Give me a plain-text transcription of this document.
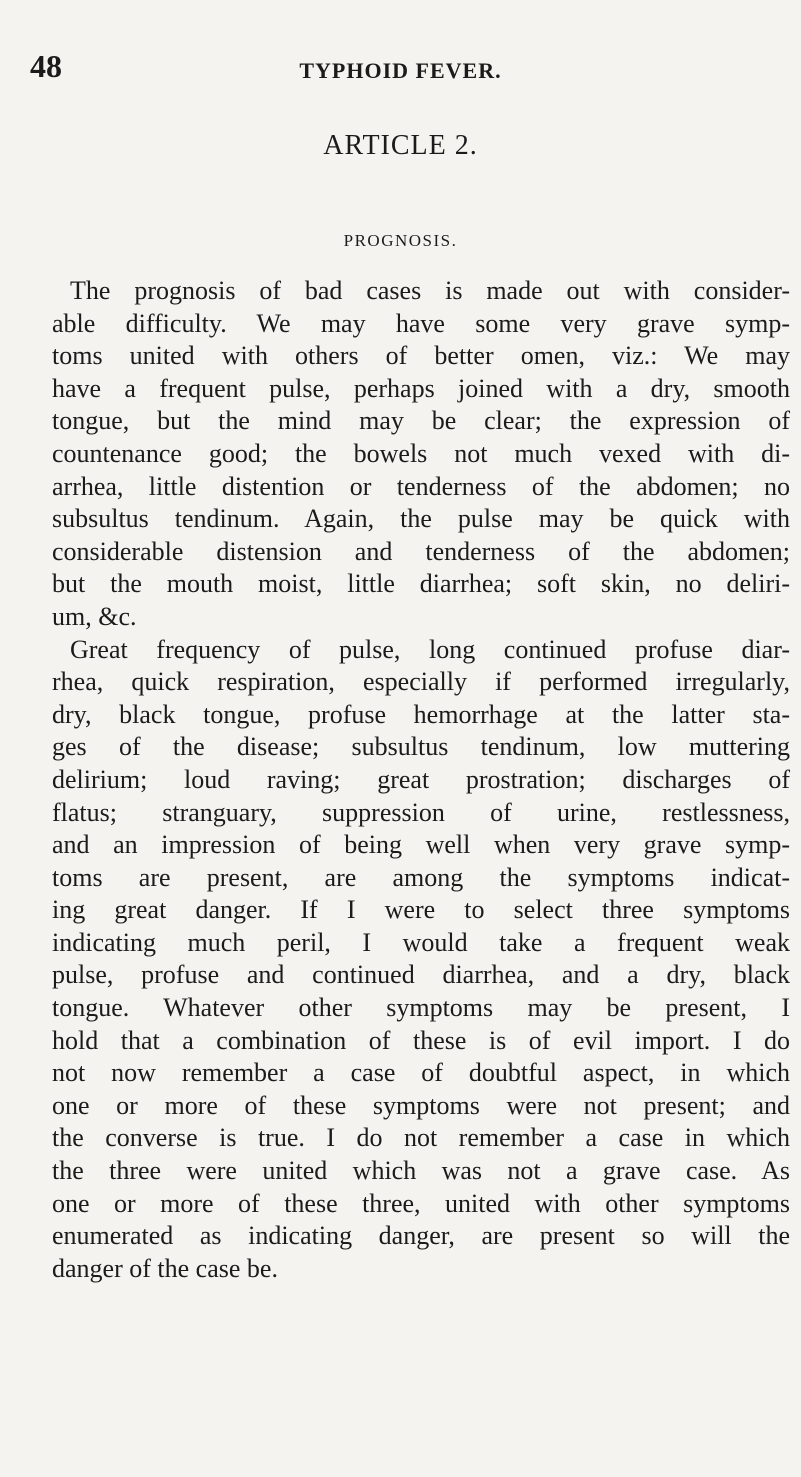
48	TYPHOID FEVER.
ARTICLE 2.
PROGNOSIS.
The prognosis of bad cases is made out with consider-
able difficulty. We may have some very grave symp-
toms united with others of better omen, viz.: We may
have a frequent pulse, perhaps joined with a dry, smooth
tongue, but the mind may be clear; the expression of
countenance good; the bowels not much vexed with di-
arrhea, little distention or tenderness of the abdomen; no
subsultus tendinum. Again, the pulse may be quick with
considerable distension and tenderness of the abdomen;
but the mouth moist, little diarrhea; soft skin, no deliri-
um, &c.
Great frequency of pulse, long continued profuse diar-
rhea, quick respiration, especially if performed irregularly,
dry, black tongue, profuse hemorrhage at the latter sta-
ges of the disease; subsultus tendinum, low muttering
delirium; loud raving; great prostration; discharges of
flatus; stranguary, suppression of urine, restlessness,
and an impression of being well when very grave symp-
toms are present, are among the symptoms indicat-
ing great danger. If I were to select three symptoms
indicating much peril, I would take a frequent weak
pulse, profuse and continued diarrhea, and a dry, black
tongue. Whatever other symptoms may be present, I
hold that a combination of these is of evil import. I do
not now remember a case of doubtful aspect, in which
one or more of these symptoms were not present; and
the converse is true. I do not remember a case in which
the three were united which was not a grave case. As
one or more of these three, united with other symptoms
enumerated as indicating danger, are present so will the
danger of the case be.
